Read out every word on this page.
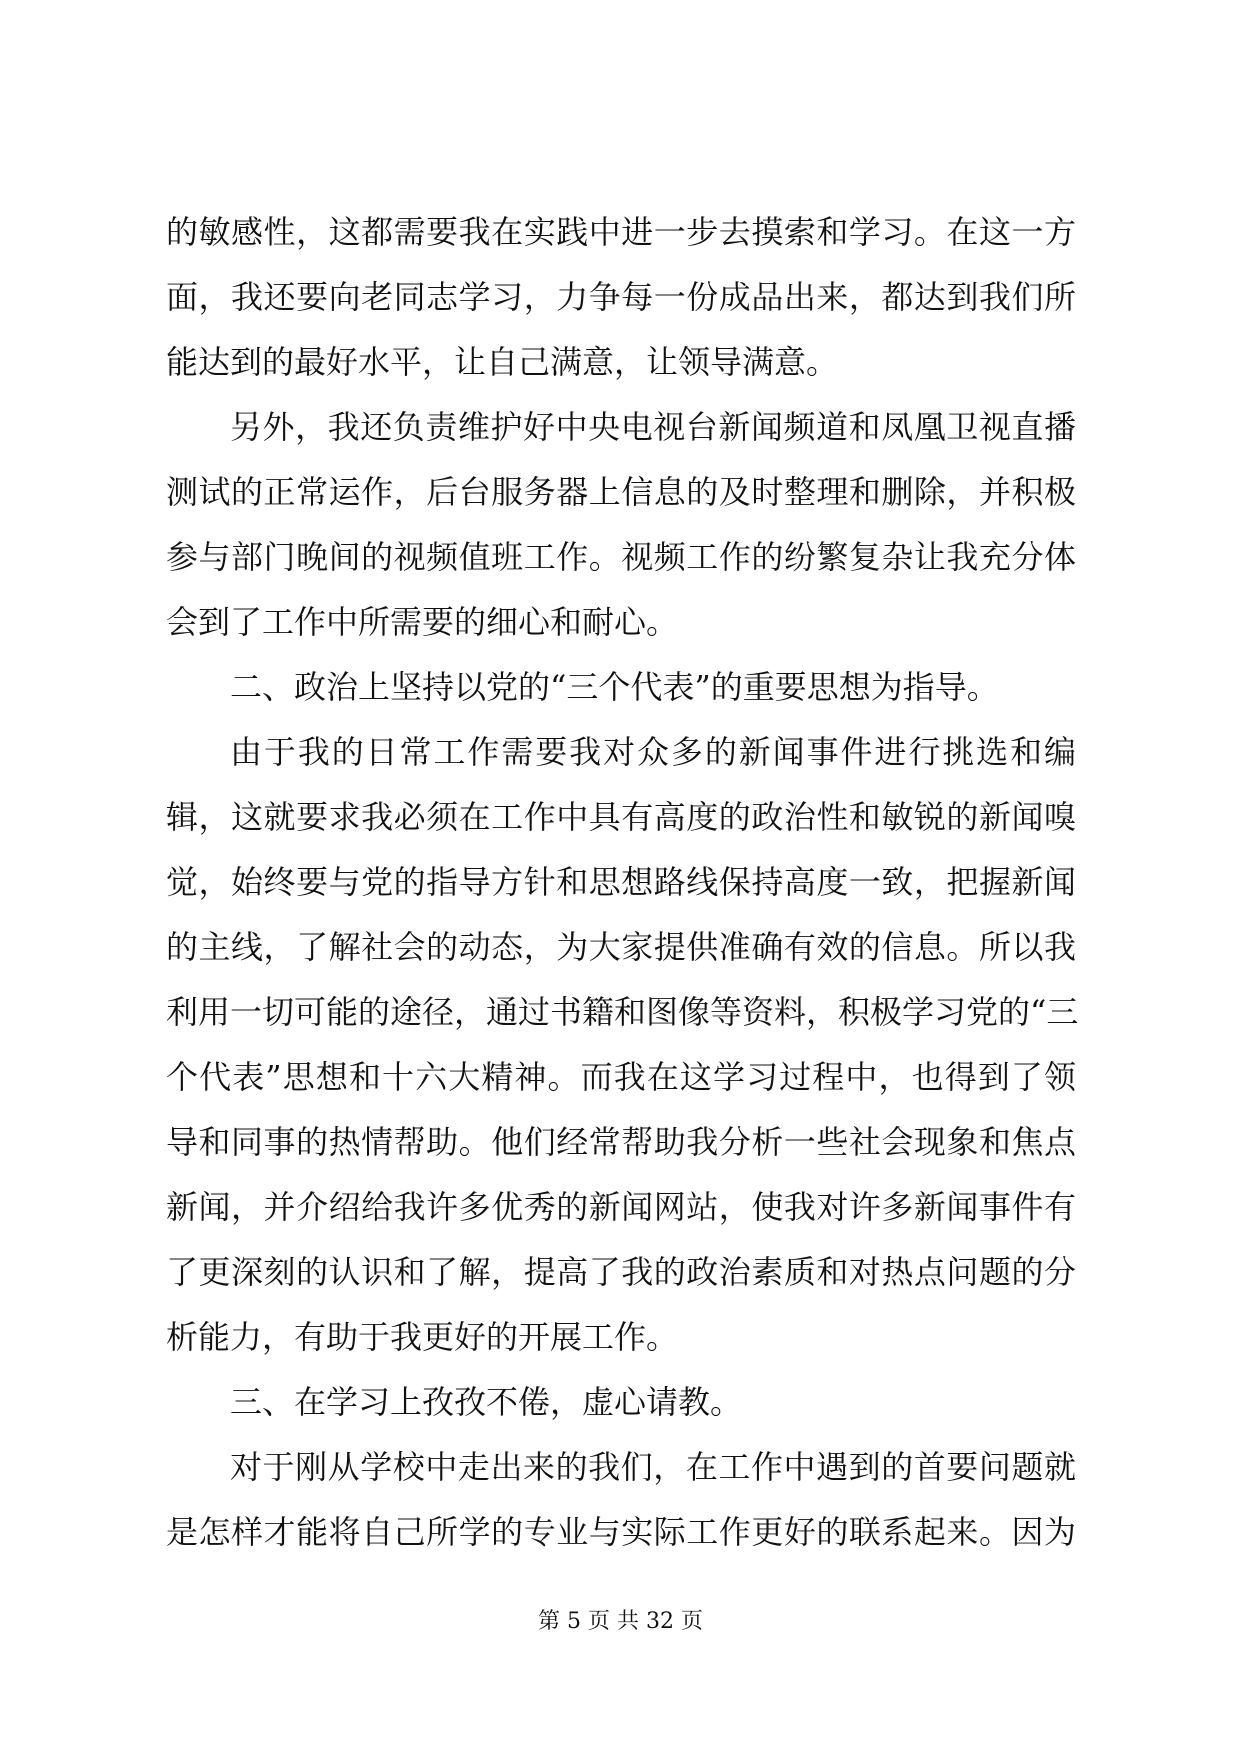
的敏感性，这都需要我在实践中进一步去摸索和学习。在这一方
面，我还要向老同志学习，力争每一份成品出来，都达到我们所
能达到的最好水平，让自己满意，让领导满意。
另外，我还负责维护好中央电视台新闻频道和凤凰卫视直播
测试的正常运作，后台服务器上信息的及时整理和删除，并积极
参与部门晚间的视频值班工作。视频工作的纷繁复杂让我充分体
会到了工作中所需要的细心和耐心。
二、政治上坚持以党的“三个代表”的重要思想为指导。
由于我的日常工作需要我对众多的新闻事件进行挑选和编
辑，这就要求我必须在工作中具有高度的政治性和敏锐的新闻嗅
觉，始终要与党的指导方针和思想路线保持高度一致，把握新闻
的主线，了解社会的动态，为大家提供准确有效的信息。所以我
利用一切可能的途径，通过书籍和图像等资料，积极学习党的“三
个代表”思想和十六大精神。而我在这学习过程中，也得到了领
导和同事的热情帮助。他们经常帮助我分析一些社会现象和焦点
新闻，并介绍给我许多优秀的新闻网站，使我对许多新闻事件有
了更深刻的认识和了解，提高了我的政治素质和对热点问题的分
析能力，有助于我更好的开展工作。
三、在学习上孜孜不倦，虚心请教。
对于刚从学校中走出来的我们，在工作中遇到的首要问题就
是怎样才能将自己所学的专业与实际工作更好的联系起来。因为
第 5 页 共 32 页
